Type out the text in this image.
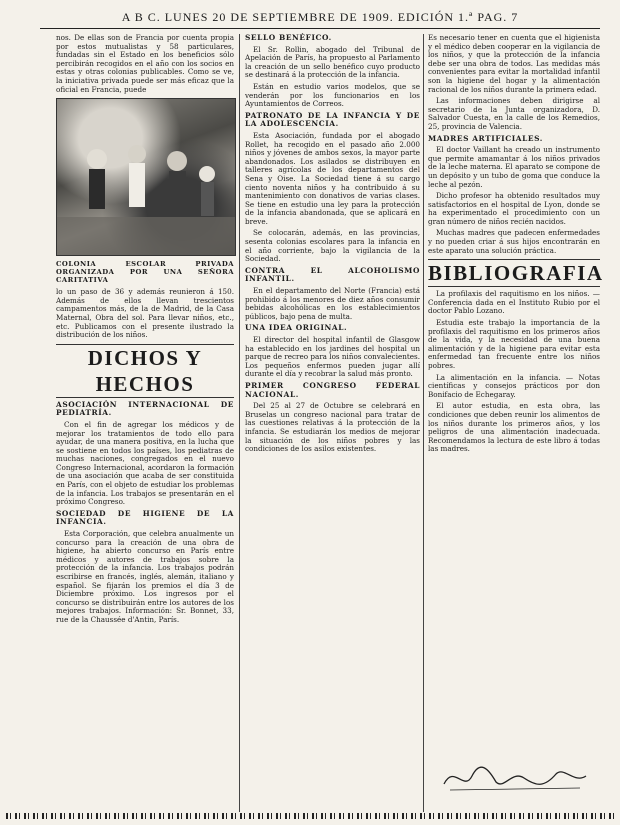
A B C. LUNES 20 DE SEPTIEMBRE DE 1909. EDICIÓN 1.ª PAG. 7

nos. De ellas son de Francia por cuenta propia por estos mutualistas y 58 particulares, fundadas sin el Estado en los beneficios sólo percibirán recogidos en el año con los socios en estas y otras colonias publicables. Como se ve, la iniciativa privada puede ser más eficaz que la oficial en Francia, puede

COLONIA ESCOLAR PRIVADA ORGANIZADA POR UNA SEÑORA CARITATIVA

lo un paso de 36 y además reunieron á 150. Además de ellos llevan trescientos campamentos más, de la de Madrid, de la Casa Maternal, Obra del sol. Para llevar niños, etc., etc. Publicamos con el presente ilustrado la distribución de los niños.

DICHOS Y HECHOS

ASOCIACIÓN INTERNACIONAL DE PEDIATRÍA.

Con el fin de agregar los médicos y de mejorar los tratamientos de todo ello para ayudar, de una manera positiva, en la lucha que se sostiene en todos los países, los pediatras de muchas naciones, congregados en el nuevo Congreso Internacional, acordaron la formación de una asociación que acaba de ser constituida en París, con el objeto de estudiar los problemas de la infancia. Los trabajos se presentarán en el próximo Congreso.

SOCIEDAD DE HIGIENE DE LA INFANCIA.

Esta Corporación, que celebra anualmente un concurso para la creación de una obra de higiene, ha abierto concurso en París entre médicos y autores de trabajos sobre la protección de la infancia. Los trabajos podrán escribirse en francés, inglés, alemán, italiano y español. Se fijarán los premios el día 3 de Diciembre próximo. Los ingresos por el concurso se distribuirán entre los autores de los mejores trabajos. Información: Sr. Bonnet, 33, rue de la Chaussée d'Antin, París.

SELLO BENÉFICO.

El Sr. Rollin, abogado del Tribunal de Apelación de París, ha propuesto al Parlamento la creación de un sello benéfico cuyo producto se destinará á la protección de la infancia.

Están en estudio varios modelos, que se venderán por los funcionarios en los Ayuntamientos de Correos.

PATRONATO DE LA INFANCIA Y DE LA ADOLESCENCIA.

Esta Asociación, fundada por el abogado Rollet, ha recogido en el pasado año 2.000 niños y jóvenes de ambos sexos, la mayor parte abandonados. Los asilados se distribuyen en talleres agrícolas de los departamentos del Sena y Oise. La Sociedad tiene á su cargo ciento noventa niños y ha contribuido á su mantenimiento con donativos de varias clases. Se tiene en estudio una ley para la protección de la infancia abandonada, que se aplicará en breve.

Se colocarán, además, en las provincias, sesenta colonias escolares para la infancia en el año corriente, bajo la vigilancia de la Sociedad.

CONTRA EL ALCOHOLISMO INFANTIL.

En el departamento del Norte (Francia) está prohibido á los menores de diez años consumir bebidas alcohólicas en los establecimientos públicos, bajo pena de multa.

UNA IDEA ORIGINAL.

El director del hospital infantil de Glasgow ha establecido en los jardines del hospital un parque de recreo para los niños convalecientes. Los pequeños enfermos pueden jugar allí durante el día y recobrar la salud más pronto.

PRIMER CONGRESO FEDERAL NACIONAL.

Del 25 al 27 de Octubre se celebrará en Bruselas un congreso nacional para tratar de las cuestiones relativas á la protección de la infancia. Se estudiarán los medios de mejorar la situación de los niños pobres y las condiciones de los asilos existentes.

Es necesario tener en cuenta que el higienista y el médico deben cooperar en la vigilancia de los niños, y que la protección de la infancia debe ser una obra de todos. Las medidas más convenientes para evitar la mortalidad infantil son la higiene del hogar y la alimentación racional de los niños durante la primera edad.

Las informaciones deben dirigirse al secretario de la Junta organizadora, D. Salvador Cuesta, en la calle de los Remedios, 25, provincia de Valencia.

MADRES ARTIFICIALES.

El doctor Vaillant ha creado un instrumento que permite amamantar á los niños privados de la leche materna. El aparato se compone de un depósito y un tubo de goma que conduce la leche al pezón.

Dicho profesor ha obtenido resultados muy satisfactorios en el hospital de Lyon, donde se ha experimentado el procedimiento con un gran número de niños recién nacidos.

Muchas madres que padecen enfermedades y no pueden criar á sus hijos encontrarán en este aparato una solución práctica.

BIBLIOGRAFIA

La profilaxis del raquitismo en los niños. — Conferencia dada en el Instituto Rubio por el doctor Pablo Lozano.

Estudia este trabajo la importancia de la profilaxis del raquitismo en los primeros años de la vida, y la necesidad de una buena alimentación y de la higiene para evitar esta enfermedad tan frecuente entre los niños pobres.

La alimentación en la infancia. — Notas científicas y consejos prácticos por don Bonifacio de Echegaray.

El autor estudia, en esta obra, las condiciones que deben reunir los alimentos de los niños durante los primeros años, y los peligros de una alimentación inadecuada. Recomendamos la lectura de este libro á todas las madres.
